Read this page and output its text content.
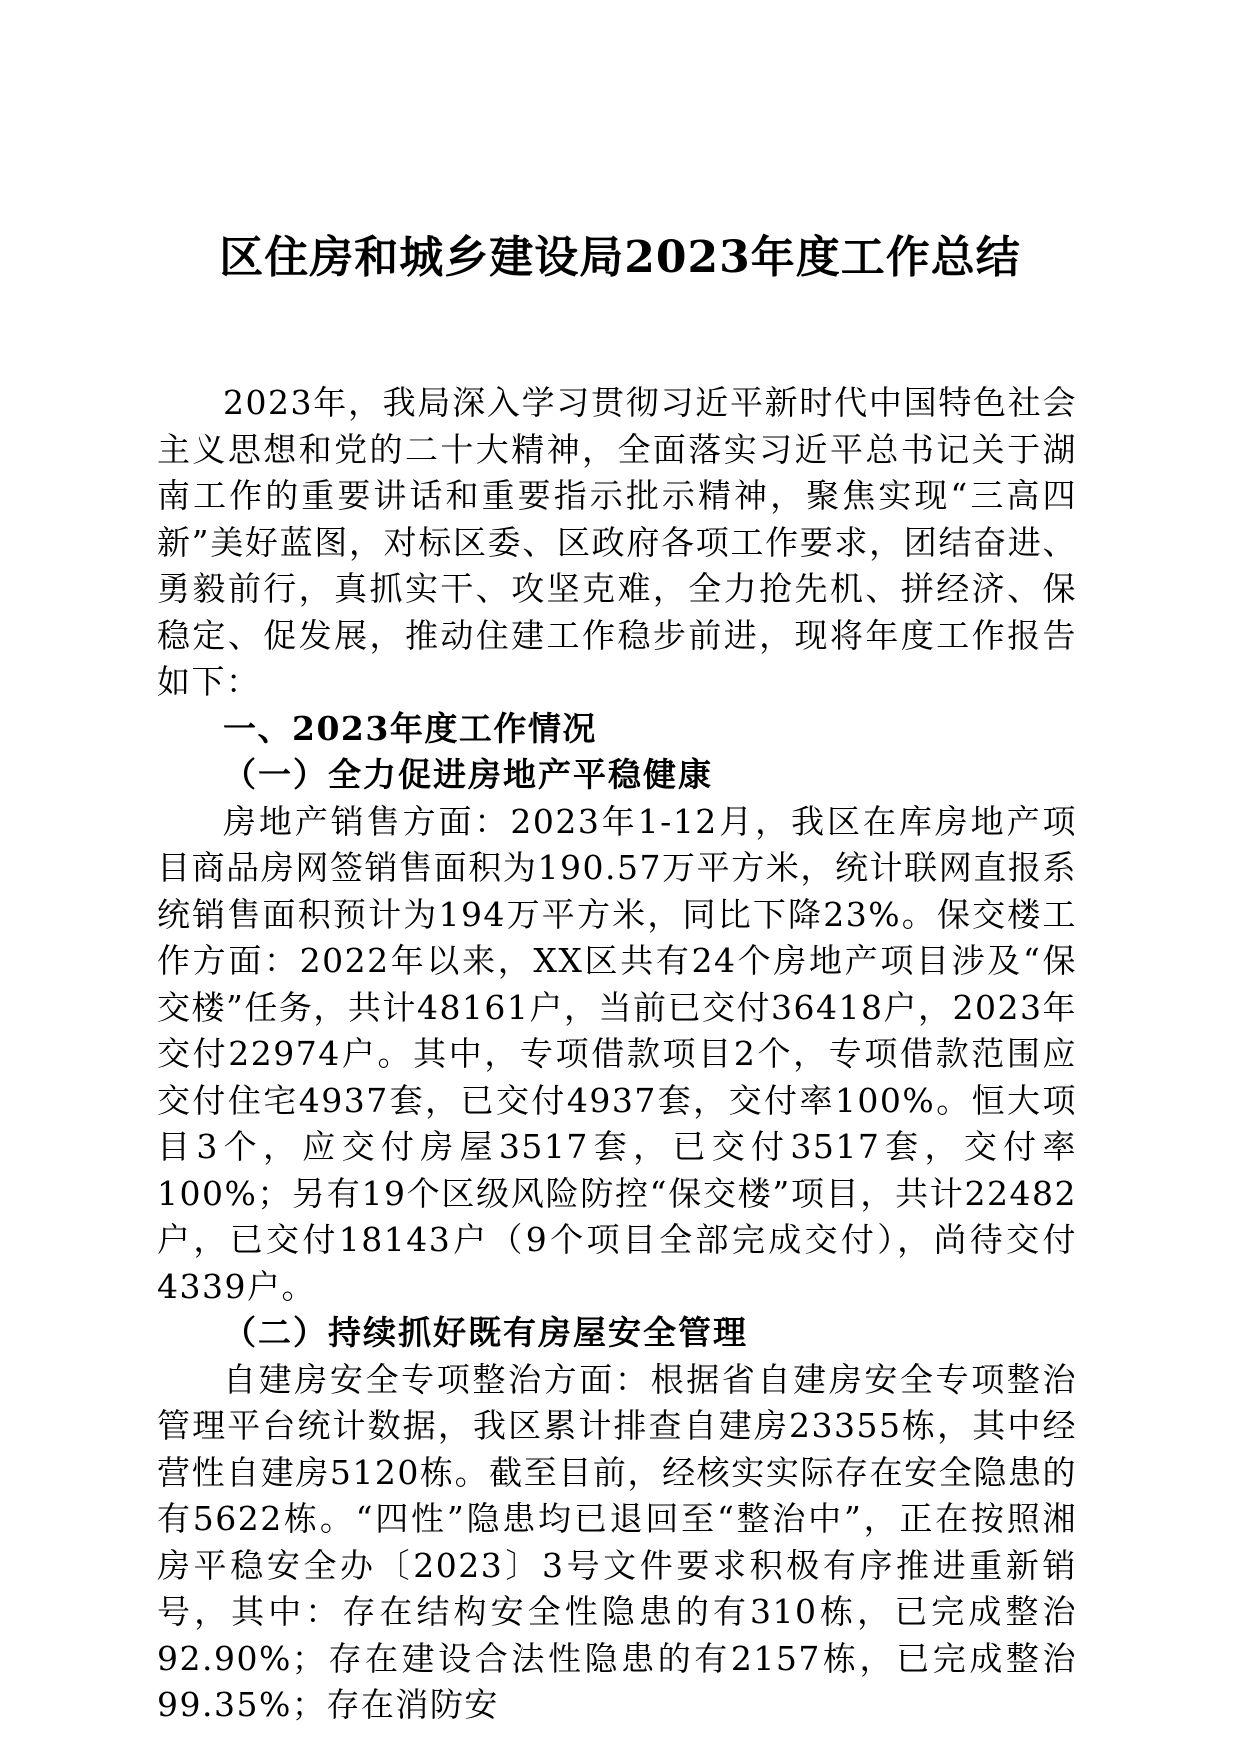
区住房和城乡建设局2023年度工作总结

2023年，我局深入学习贯彻习近平新时代中国特色社会主义思想和党的二十大精神，全面落实习近平总书记关于湖南工作的重要讲话和重要指示批示精神，聚焦实现“三高四新”美好蓝图，对标区委、区政府各项工作要求，团结奋进、勇毅前行，真抓实干、攻坚克难，全力抢先机、拼经济、保稳定、促发展，推动住建工作稳步前进，现将年度工作报告如下：

一、2023年度工作情况

（一）全力促进房地产平稳健康

房地产销售方面：2023年1-12月，我区在库房地产项目商品房网签销售面积为190.57万平方米，统计联网直报系统销售面积预计为194万平方米，同比下降23%。保交楼工作方面：2022年以来，XX区共有24个房地产项目涉及“保交楼”任务，共计48161户，当前已交付36418户，2023年交付22974户。其中，专项借款项目2个，专项借款范围应交付住宅4937套，已交付4937套，交付率100%。恒大项目3个，应交付房屋3517套，已交付3517套，交付率100%；另有19个区级风险防控“保交楼”项目，共计22482户，已交付18143户（9个项目全部完成交付），尚待交付4339户。

（二）持续抓好既有房屋安全管理

自建房安全专项整治方面：根据省自建房安全专项整治管理平台统计数据，我区累计排查自建房23355栋，其中经营性自建房5120栋。截至目前，经核实实际存在安全隐患的有5622栋。“四性”隐患均已退回至“整治中”，正在按照湘房平稳安全办〔2023〕3号文件要求积极有序推进重新销号，其中：存在结构安全性隐患的有310栋，已完成整治92.90%；存在建设合法性隐患的有2157栋，已完成整治99.35%；存在消防安
